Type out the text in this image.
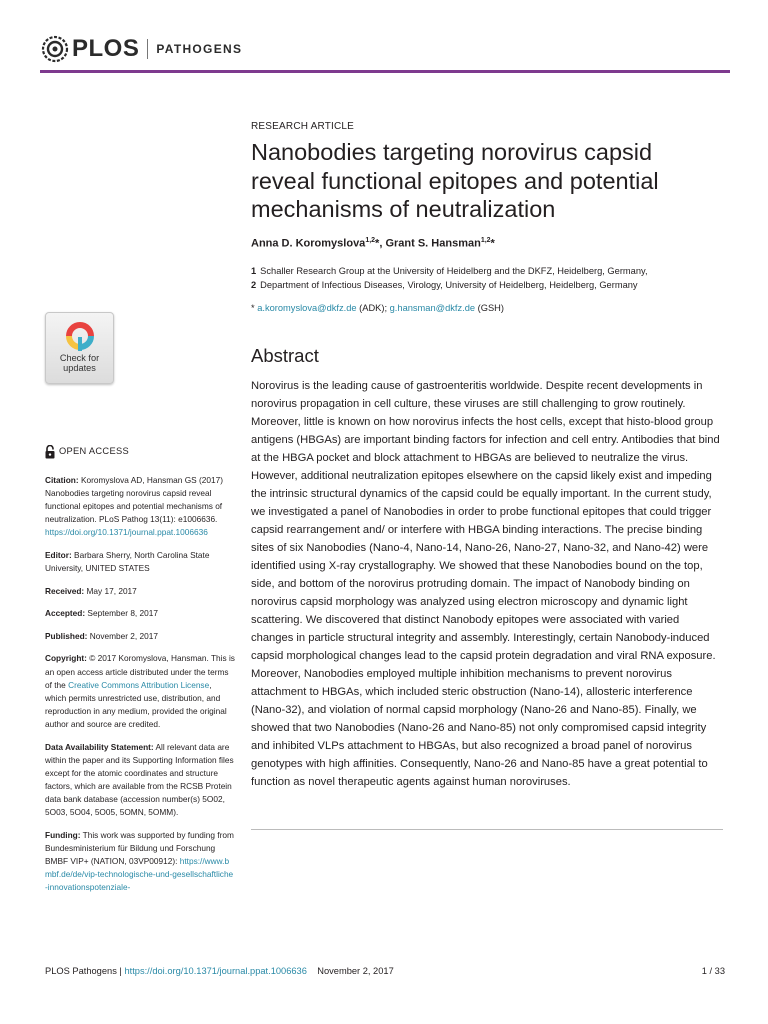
PLOS PATHOGENS
RESEARCH ARTICLE
Nanobodies targeting norovirus capsid reveal functional epitopes and potential mechanisms of neutralization
Anna D. Koromyslova$^{1,2}$*, Grant S. Hansman$^{1,2}$*
1 Schaller Research Group at the University of Heidelberg and the DKFZ, Heidelberg, Germany,
2 Department of Infectious Diseases, Virology, University of Heidelberg, Heidelberg, Germany
* a.koromyslova@dkfz.de (ADK); g.hansman@dkfz.de (GSH)
Abstract

Norovirus is the leading cause of gastroenteritis worldwide. Despite recent developments in norovirus propagation in cell culture, these viruses are still challenging to grow routinely. Moreover, little is known on how norovirus infects the host cells, except that histo-blood group antigens (HBGAs) are important binding factors for infection and cell entry. Antibodies that bind at the HBGA pocket and block attachment to HBGAs are believed to neutralize the virus. However, additional neutralization epitopes elsewhere on the capsid likely exist and impeding the intrinsic structural dynamics of the capsid could be equally important. In the current study, we investigated a panel of Nanobodies in order to probe functional epitopes that could trigger capsid rearrangement and/ or interfere with HBGA binding interactions. The precise binding sites of six Nanobodies (Nano-4, Nano-14, Nano-26, Nano-27, Nano-32, and Nano-42) were identified using X-ray crystallography. We showed that these Nanobodies bound on the top, side, and bottom of the norovirus protruding domain. The impact of Nanobody binding on norovirus capsid morphology was analyzed using electron microscopy and dynamic light scattering. We discovered that distinct Nanobody epitopes were associated with varied changes in particle structural integrity and assembly. Interestingly, certain Nanobody-induced capsid morphological changes lead to the capsid protein degradation and viral RNA exposure. Moreover, Nanobodies employed multiple inhibition mechanisms to prevent norovirus attachment to HBGAs, which included steric obstruction (Nano-14), allosteric interference (Nano-32), and violation of normal capsid morphology (Nano-26 and Nano-85). Finally, we showed that two Nanobodies (Nano-26 and Nano-85) not only compromised capsid integrity and inhibited VLPs attachment to HBGAs, but also recognized a broad panel of norovirus genotypes with high affinities. Consequently, Nano-26 and Nano-85 have a great potential to function as novel therapeutic agents against human noroviruses.

Check for
updates
OPEN ACCESS
Citation: Koromyslova AD, Hansman GS (2017) Nanobodies targeting norovirus capsid reveal functional epitopes and potential mechanisms of neutralization. PLoS Pathog 13(11): e1006636. https://doi.org/10.1371/journal.ppat.1006636
Editor: Barbara Sherry, North Carolina State University, UNITED STATES
Received: May 17, 2017
Accepted: September 8, 2017
Published: November 2, 2017
Copyright: © 2017 Koromyslova, Hansman. This is an open access article distributed under the terms of the Creative Commons Attribution License, which permits unrestricted use, distribution, and reproduction in any medium, provided the original author and source are credited.
Data Availability Statement: All relevant data are within the paper and its Supporting Information files except for the atomic coordinates and structure factors, which are available from the RCSB Protein data bank database (accession number(s) 5O02, 5O03, 5O04, 5O05, 5OMN, 5OMM).
Funding: This work was supported by funding from Bundesministerium für Bildung und Forschung BMBF VIP+ (NATION, 03VP00912): https://www.bmbf.de/de/vip-technologische-und-gesellschaftliche-innovationspotenziale-
PLOS Pathogens | https://doi.org/10.1371/journal.ppat.1006636 November 2, 2017	1 / 33
